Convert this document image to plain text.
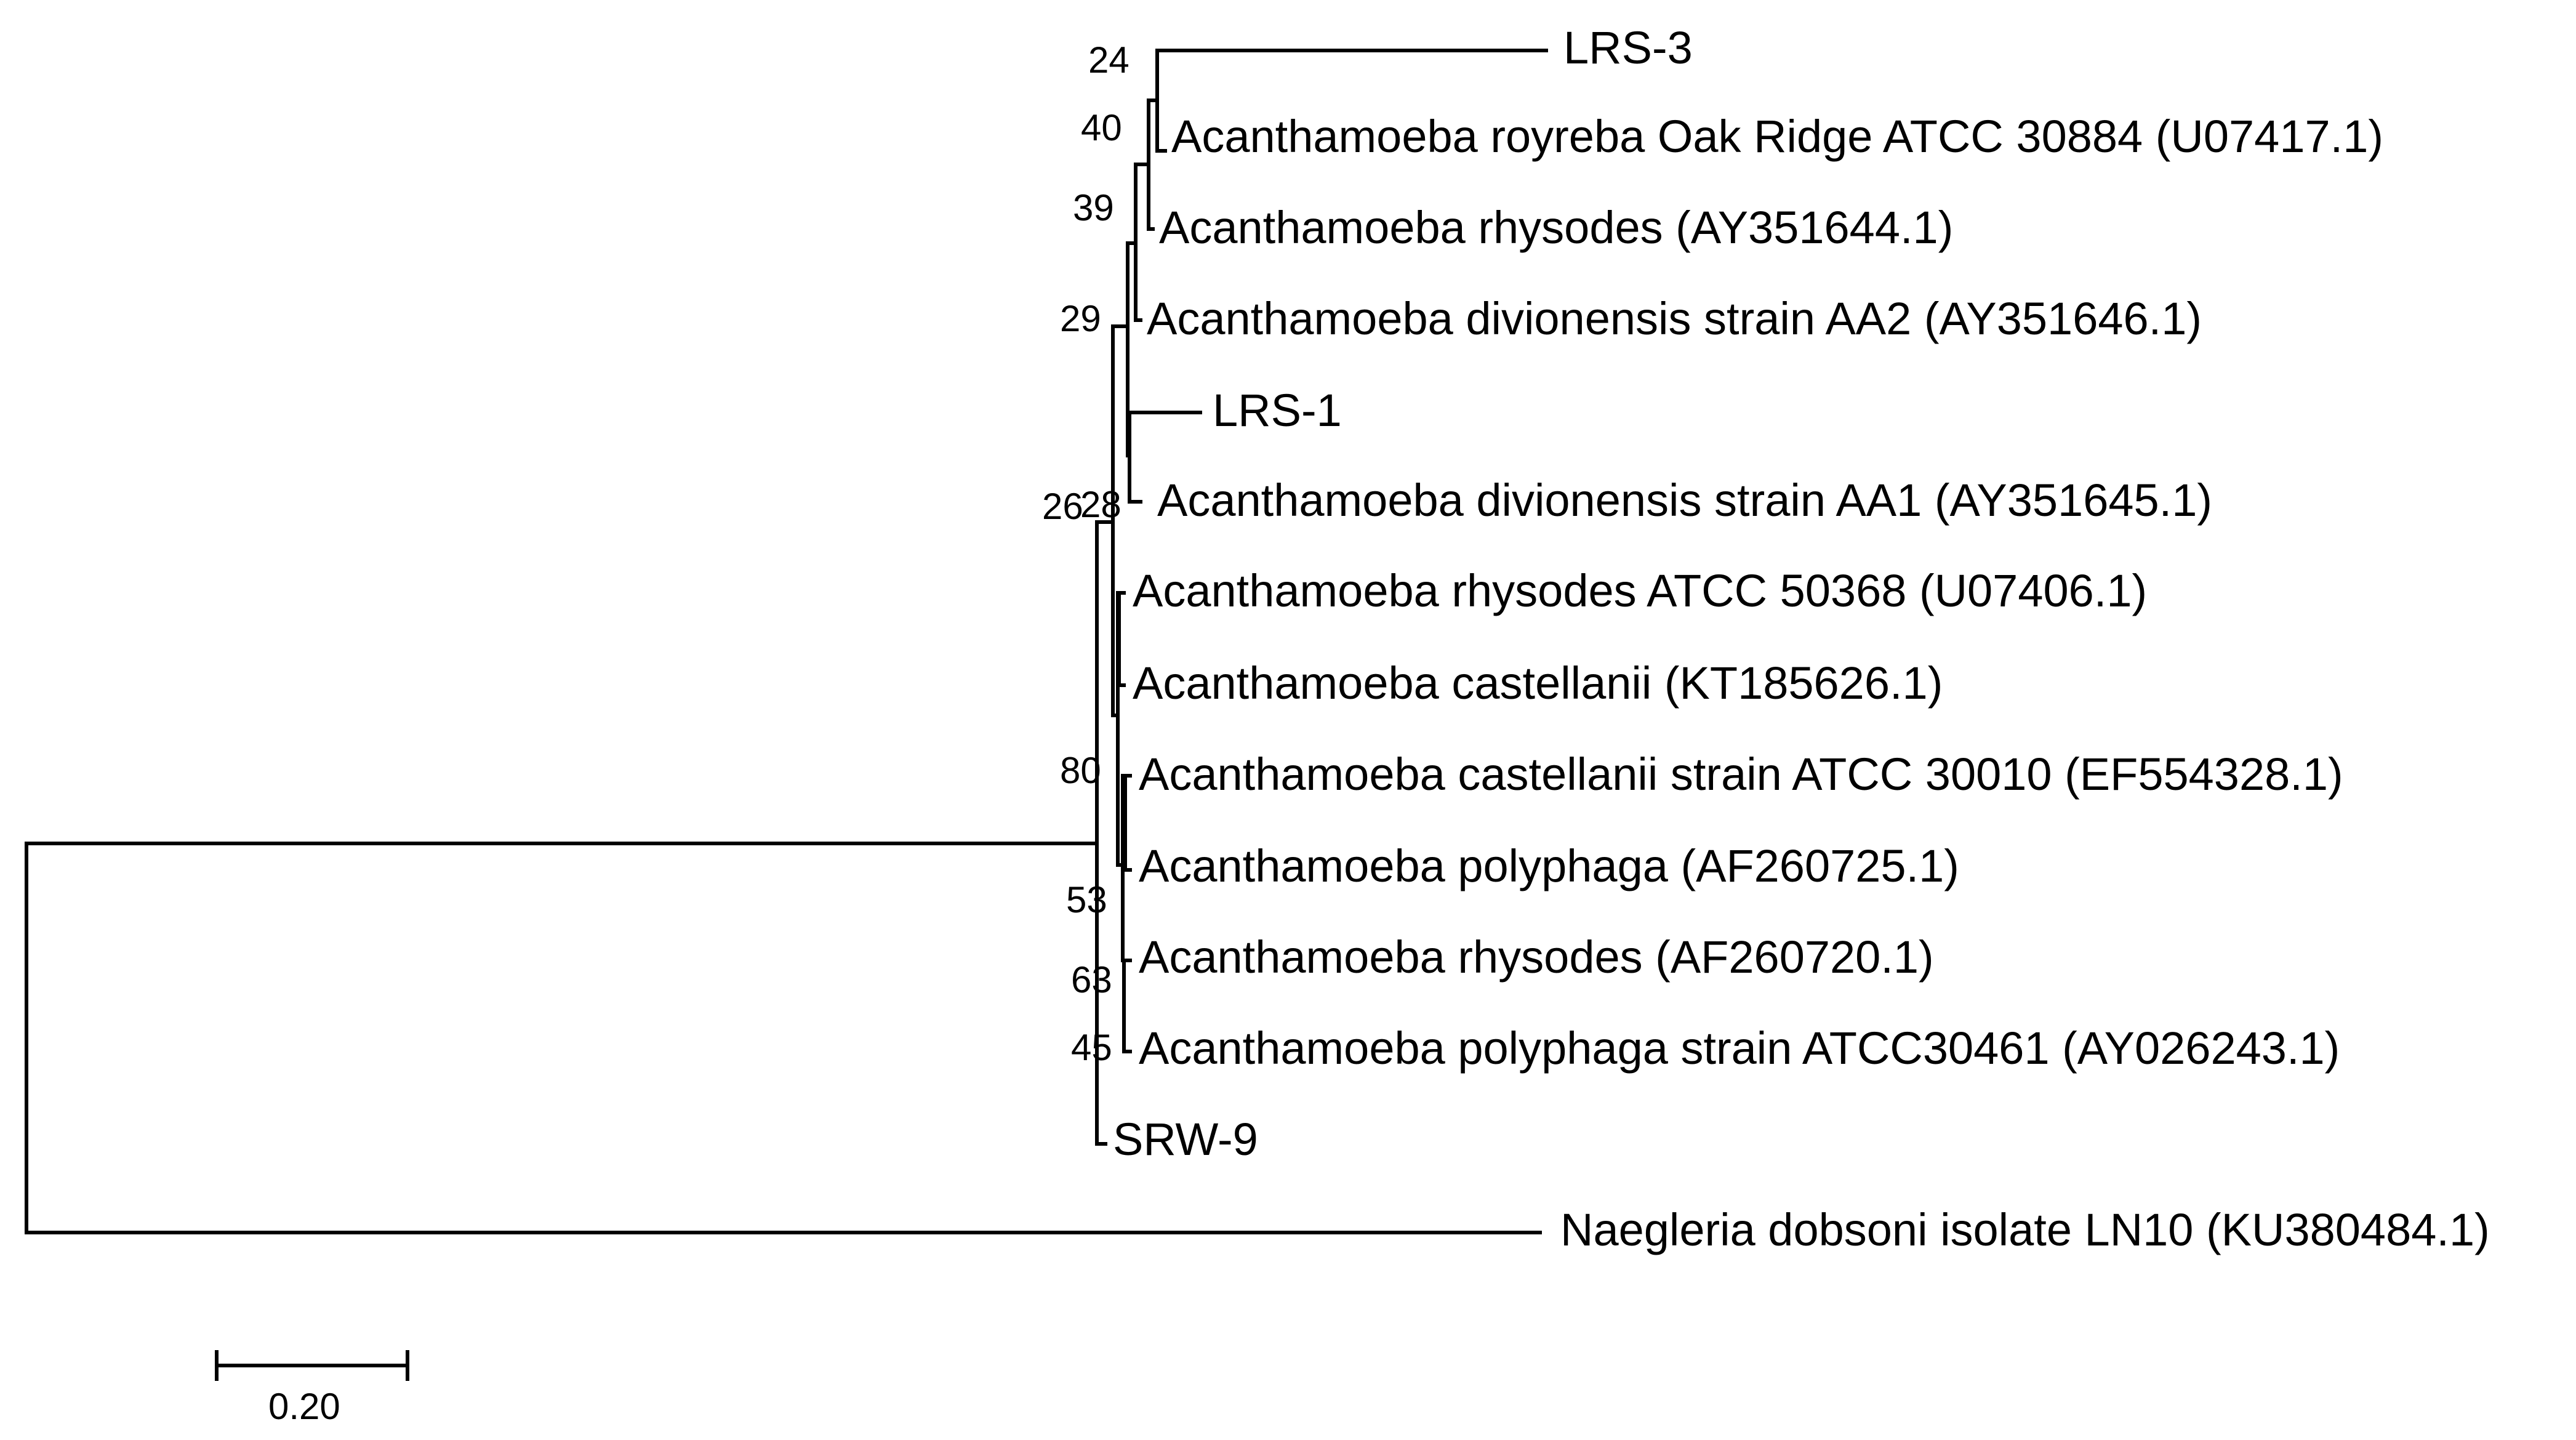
LRS-3
Acanthamoeba royreba Oak Ridge ATCC 30884 (U07417.1)
Acanthamoeba rhysodes (AY351644.1)
Acanthamoeba divionensis strain AA2 (AY351646.1)
LRS-1
Acanthamoeba divionensis strain AA1 (AY351645.1)
Acanthamoeba rhysodes ATCC 50368 (U07406.1)
Acanthamoeba castellanii (KT185626.1)
Acanthamoeba castellanii strain ATCC 30010 (EF554328.1)
Acanthamoeba polyphaga (AF260725.1)
Acanthamoeba rhysodes (AF260720.1)
Acanthamoeba polyphaga strain ATCC30461 (AY026243.1)
SRW-9
Naegleria dobsoni isolate LN10 (KU380484.1)
24
40
39
29
28
26
80
53
63
45
0.20
